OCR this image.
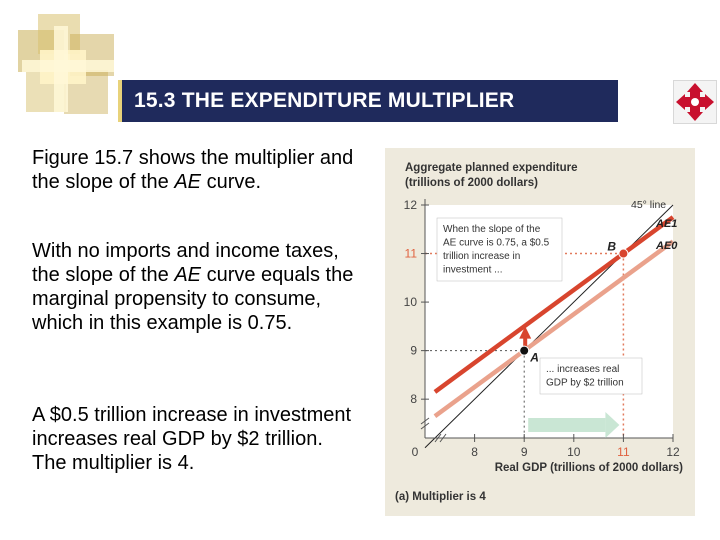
15.3 THE EXPENDITURE MULTIPLIER
Figure 15.7 shows the multiplier and the slope of the AE curve.
With no imports and income taxes, the slope of the AE curve equals the marginal propensity to consume, which in this example is 0.75.
A $0.5 trillion increase in investment increases real GDP by $2 trillion. The multiplier is 4.
Aggregate planned expenditure
(trillions of 2000 dollars)
8
9
10
11
12
8	9	10	11	12
0
A
B
45° line
AE1
AE0
When the slope of the
AE curve is 0.75, a $0.5
trillion increase in
investment ...
... increases real
GDP by $2 trillion
Real GDP (trillions of 2000 dollars)
(a) Multiplier is 4
